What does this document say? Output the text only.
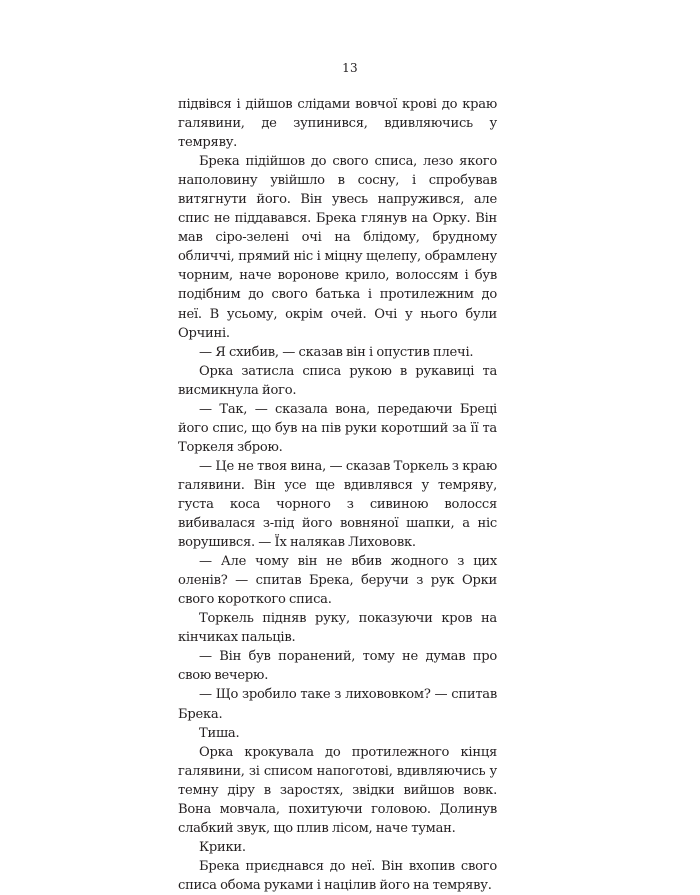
13

підвівся і дійшов слідами вовчої крові до краю галявини, де зупинився, вдивляючись у темряву.

Брека підійшов до свого списа, лезо якого наполовину увійшло в сосну, і спробував витягнути його. Він увесь напружився, але спис не піддавався. Брека глянув на Орку. Він мав сіро-зелені очі на блідому, брудному обличчі, прямий ніс і міцну щелепу, обрамлену чорним, наче воронове крило, волоссям і був подібним до свого батька і протилежним до неї. В усьому, окрім очей. Очі у нього були Орчині.

— Я схибив, — сказав він і опустив плечі.

Орка затисла списа рукою в рукавиці та висмикнула його.

— Так, — сказала вона, передаючи Бреці його спис, що був на пів руки коротший за її та Торкеля зброю.

— Це не твоя вина, — сказав Торкель з краю галявини. Він усе ще вдивлявся у темряву, густа коса чорного з сивиною волосся вибивалася з-під його вовняної шапки, а ніс ворушився. — Їх налякав Лихововк.

— Але чому він не вбив жодного з цих оленів? — спитав Брека, беручи з рук Орки свого короткого списа.

Торкель підняв руку, показуючи кров на кінчиках пальців.

— Він був поранений, тому не думав про свою вечерю.

— Що зробило таке з лихововком? — спитав Брека.

Тиша.

Орка крокувала до протилежного кінця галявини, зі списом напоготові, вдивляючись у темну діру в заростях, звідки вийшов вовк. Вона мовчала, похитуючи головою. Долинув слабкий звук, що плив лісом, наче туман.

Крики.

Брека приєднався до неї. Він вхопив свого списа обома руками і націлив його на темряву.
